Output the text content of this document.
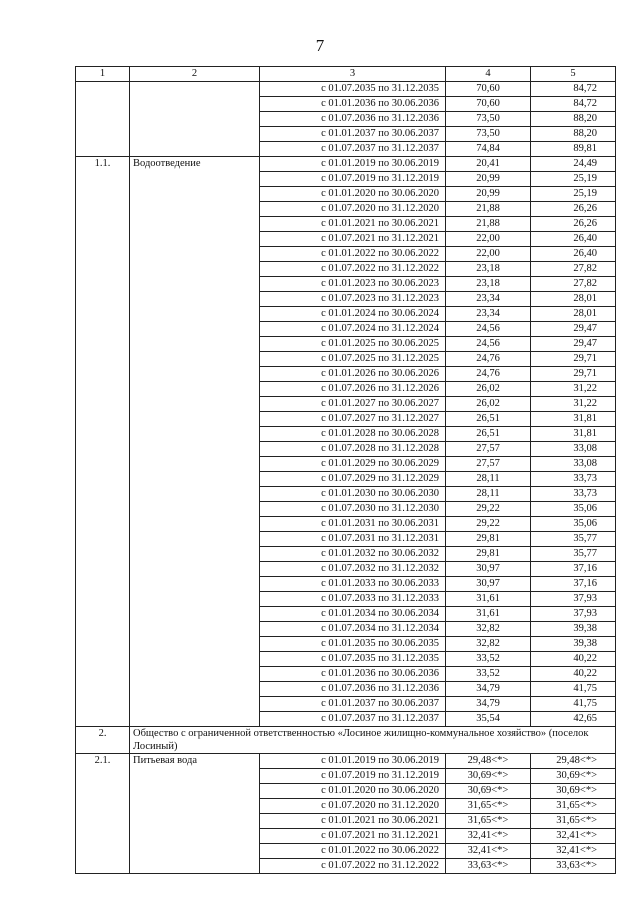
7
1	2	3	4	5
		с 01.07.2035 по 31.12.2035	70,60	84,72
		с 01.01.2036 по 30.06.2036	70,60	84,72
		с 01.07.2036 по 31.12.2036	73,50	88,20
		с 01.01.2037 по 30.06.2037	73,50	88,20
		с 01.07.2037 по 31.12.2037	74,84	89,81
1.1.	Водоотведение	с 01.01.2019 по 30.06.2019	20,41	24,49
		с 01.07.2019 по 31.12.2019	20,99	25,19
		с 01.01.2020 по 30.06.2020	20,99	25,19
		с 01.07.2020 по 31.12.2020	21,88	26,26
		с 01.01.2021 по 30.06.2021	21,88	26,26
		с 01.07.2021 по 31.12.2021	22,00	26,40
		с 01.01.2022 по 30.06.2022	22,00	26,40
		с 01.07.2022 по 31.12.2022	23,18	27,82
		с 01.01.2023 по 30.06.2023	23,18	27,82
		с 01.07.2023 по 31.12.2023	23,34	28,01
		с 01.01.2024 по 30.06.2024	23,34	28,01
		с 01.07.2024 по 31.12.2024	24,56	29,47
		с 01.01.2025 по 30.06.2025	24,56	29,47
		с 01.07.2025 по 31.12.2025	24,76	29,71
		с 01.01.2026 по 30.06.2026	24,76	29,71
		с 01.07.2026 по 31.12.2026	26,02	31,22
		с 01.01.2027 по 30.06.2027	26,02	31,22
		с 01.07.2027 по 31.12.2027	26,51	31,81
		с 01.01.2028 по 30.06.2028	26,51	31,81
		с 01.07.2028 по 31.12.2028	27,57	33,08
		с 01.01.2029 по 30.06.2029	27,57	33,08
		с 01.07.2029 по 31.12.2029	28,11	33,73
		с 01.01.2030 по 30.06.2030	28,11	33,73
		с 01.07.2030 по 31.12.2030	29,22	35,06
		с 01.01.2031 по 30.06.2031	29,22	35,06
		с 01.07.2031 по 31.12.2031	29,81	35,77
		с 01.01.2032 по 30.06.2032	29,81	35,77
		с 01.07.2032 по 31.12.2032	30,97	37,16
		с 01.01.2033 по 30.06.2033	30,97	37,16
		с 01.07.2033 по 31.12.2033	31,61	37,93
		с 01.01.2034 по 30.06.2034	31,61	37,93
		с 01.07.2034 по 31.12.2034	32,82	39,38
		с 01.01.2035 по 30.06.2035	32,82	39,38
		с 01.07.2035 по 31.12.2035	33,52	40,22
		с 01.01.2036 по 30.06.2036	33,52	40,22
		с 01.07.2036 по 31.12.2036	34,79	41,75
		с 01.01.2037 по 30.06.2037	34,79	41,75
		с 01.07.2037 по 31.12.2037	35,54	42,65
2.	Общество с ограниченной ответственностью «Лосиное жилищно-коммунальное хозяйство» (поселок Лосиный)			
2.1.	Питьевая вода	с 01.01.2019 по 30.06.2019	29,48<*>	29,48<*>
		с 01.07.2019 по 31.12.2019	30,69<*>	30,69<*>
		с 01.01.2020 по 30.06.2020	30,69<*>	30,69<*>
		с 01.07.2020 по 31.12.2020	31,65<*>	31,65<*>
		с 01.01.2021 по 30.06.2021	31,65<*>	31,65<*>
		с 01.07.2021 по 31.12.2021	32,41<*>	32,41<*>
		с 01.01.2022 по 30.06.2022	32,41<*>	32,41<*>
		с 01.07.2022 по 31.12.2022	33,63<*>	33,63<*>
